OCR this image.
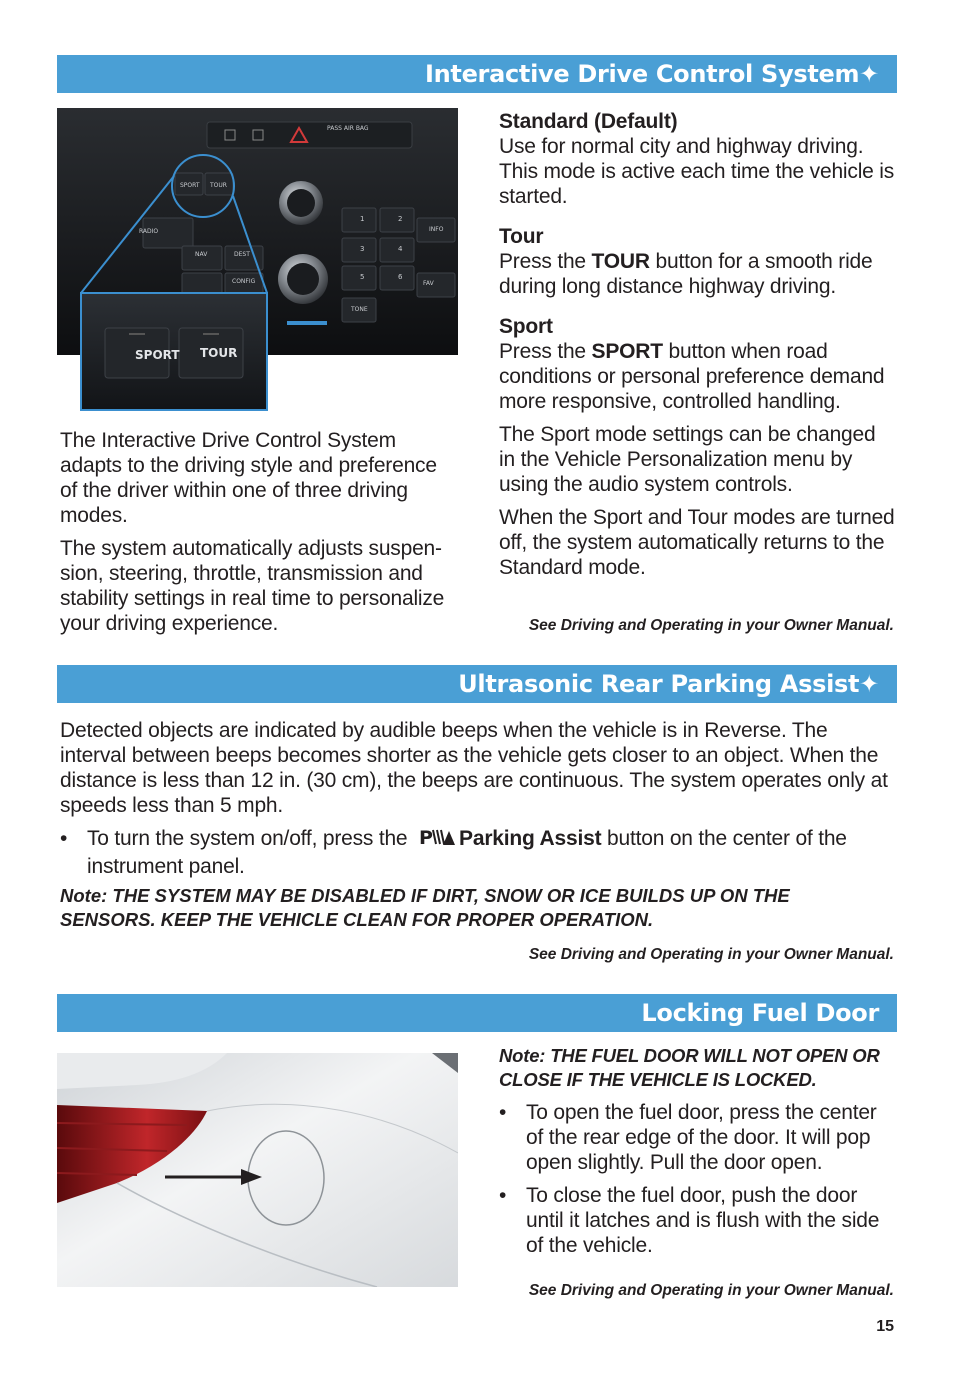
Interactive Drive Control System✦
PASS AIR BAG
SPORT TOUR
RADIO
NAV	DEST
CONFIG
TONE
INFO
FAV
1	2
3	4
5	6
SPORT TOUR

The Interactive Drive Control System adapts to the driving style and preference of the driver within one of three driving modes.

The system automatically adjusts suspen-sion, steering, throttle, transmission and stability settings in real time to personalize your driving experience.

Standard (Default)

Use for normal city and highway driving. This mode is active each time the vehicle is started.

Tour

Press the TOUR button for a smooth ride during long distance highway driving.

Sport

Press the SPORT button when road conditions or personal preference demand more responsive, controlled handling.

The Sport mode settings can be changed in the Vehicle Personalization menu by using the audio system controls.

When the Sport and Tour modes are turned off, the system automatically returns to the Standard mode.

See Driving and Operating in your Owner Manual.
Ultrasonic Rear Parking Assist✦

Detected objects are indicated by audible beeps when the vehicle is in Reverse. The interval between beeps becomes shorter as the vehicle gets closer to an object. When the distance is less than 12 in. (30 cm), the beeps are continuous. The system operates only at speeds less than 5 mph.

• To turn the system on/off, press the P Parking Assist button on the center of the instrument panel.
Note: THE SYSTEM MAY BE DISABLED IF DIRT, SNOW OR ICE BUILDS UP ON THE SENSORS. KEEP THE VEHICLE CLEAN FOR PROPER OPERATION.
See Driving and Operating in your Owner Manual.
Locking Fuel Door
Note: THE FUEL DOOR WILL NOT OPEN OR CLOSE IF THE VEHICLE IS LOCKED.
• To open the fuel door, press the center of the rear edge of the door. It will pop open slightly. Pull the door open.
• To close the fuel door, push the door until it latches and is flush with the side of the vehicle.
See Driving and Operating in your Owner Manual.
15
